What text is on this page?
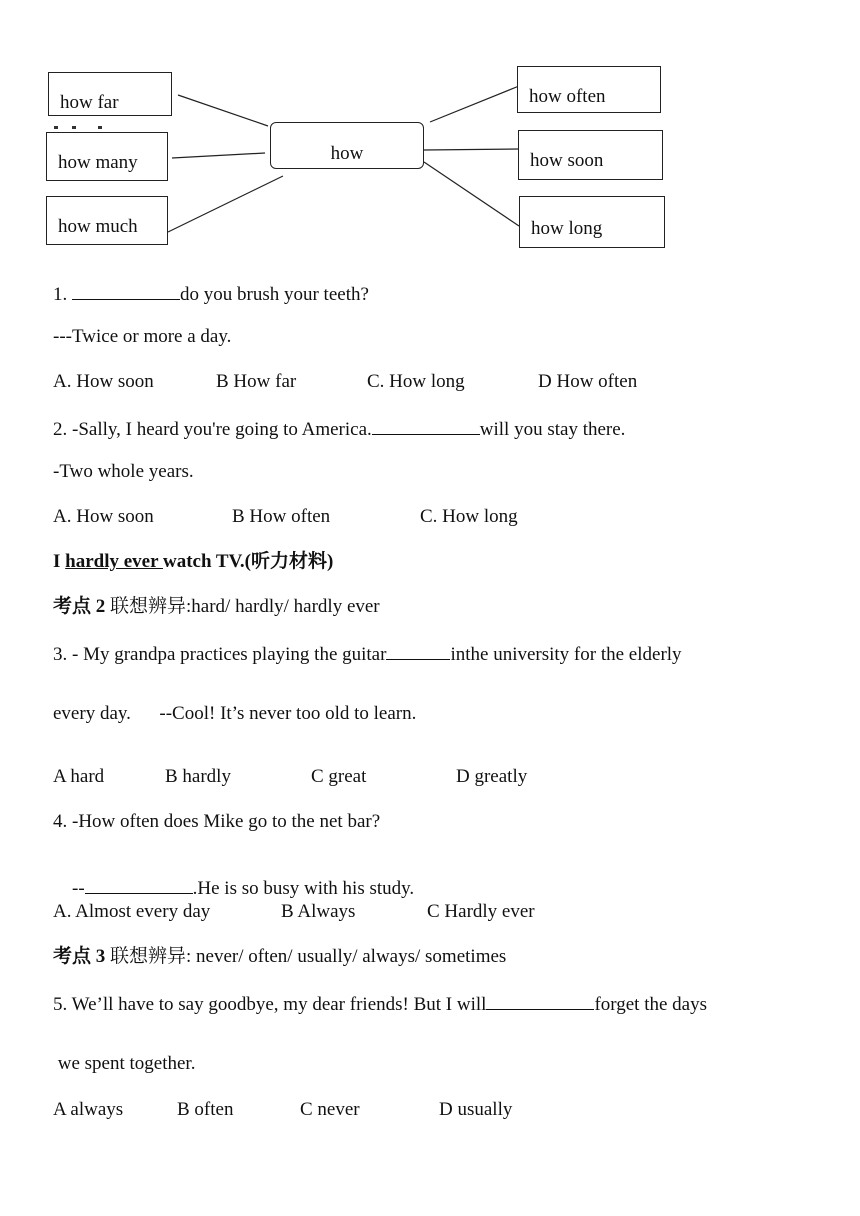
how far
how many
how much
how
how often
how soon
how long
1.	do you brush your teeth?
---Twice or more a day.
A. How soon	B How far	C. How long	D How often
2. -Sally, I heard you're going to America.	will you stay there.
-Two whole years.
A. How soon	B How often	C. How long
I hardly ever watch TV.(听力材料)
考点 2 联想辨异:hard/ hardly/ hardly ever
3. - My grandpa practices playing the guitar	inthe university for the elderly
every day.      --Cool! It’s never too old to learn.
A hard	B hardly	C great	D greatly
4. -How often does Mike go to the net bar?

--	.He is so busy with his study.

A. Almost every day	B Always	C Hardly ever
考点 3 联想辨异: never/ often/ usually/ always/ sometimes
5. We’ll have to say goodbye, my dear friends! But I will	forget the days
we spent together.
A always	B often	C never	D usually
